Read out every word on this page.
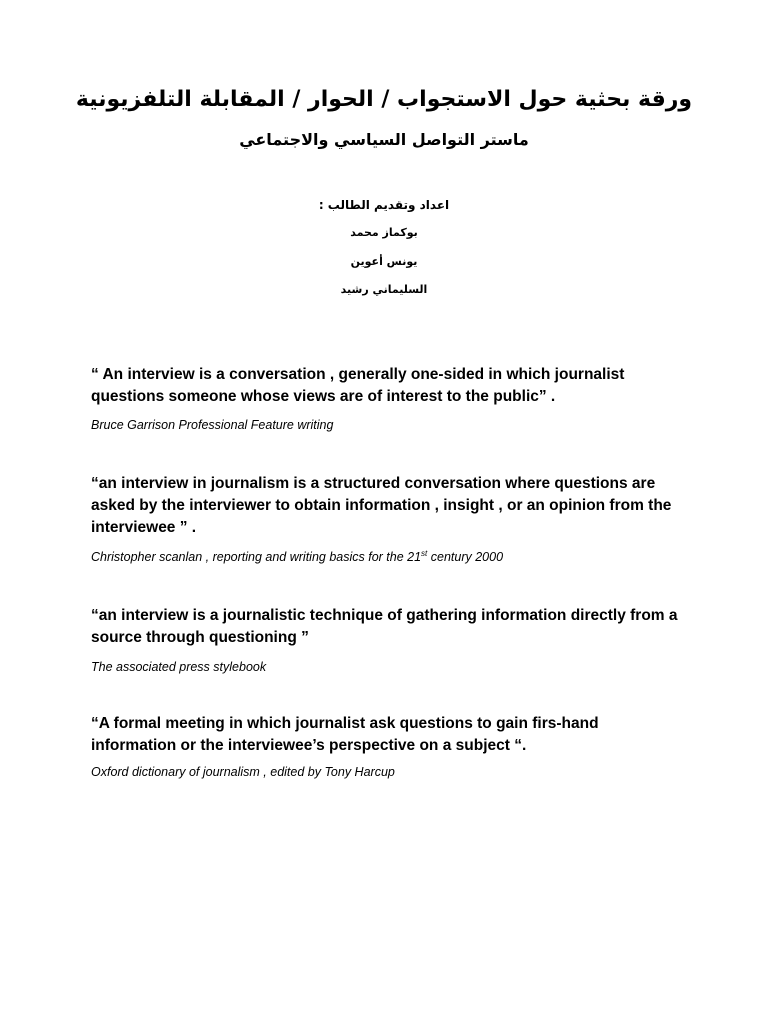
ورقة بحثية حول الاستجواب / الحوار / المقابلة التلفزيونية
ماستر التواصل السياسي والاجتماعي
اعداد وتقديم الطالب :
بوكماز محمد
يونس أعوين
السليماني رشيد

“ An interview is a conversation , generally one-sided in which journalist questions someone whose views are of interest to the public” .

Bruce Garrison Professional Feature writing

“an interview in journalism is a structured conversation where questions are asked by the interviewer to obtain information , insight , or an opinion from the interviewee ” .

Christopher scanlan , reporting and writing basics for the 21st century 2000

“an interview is a journalistic technique of gathering information directly from a source through questioning ”

The associated press stylebook

“A formal meeting in which journalist ask questions to gain firs-hand information or the interviewee’s perspective on a subject “.

Oxford dictionary of journalism , edited by Tony Harcup
